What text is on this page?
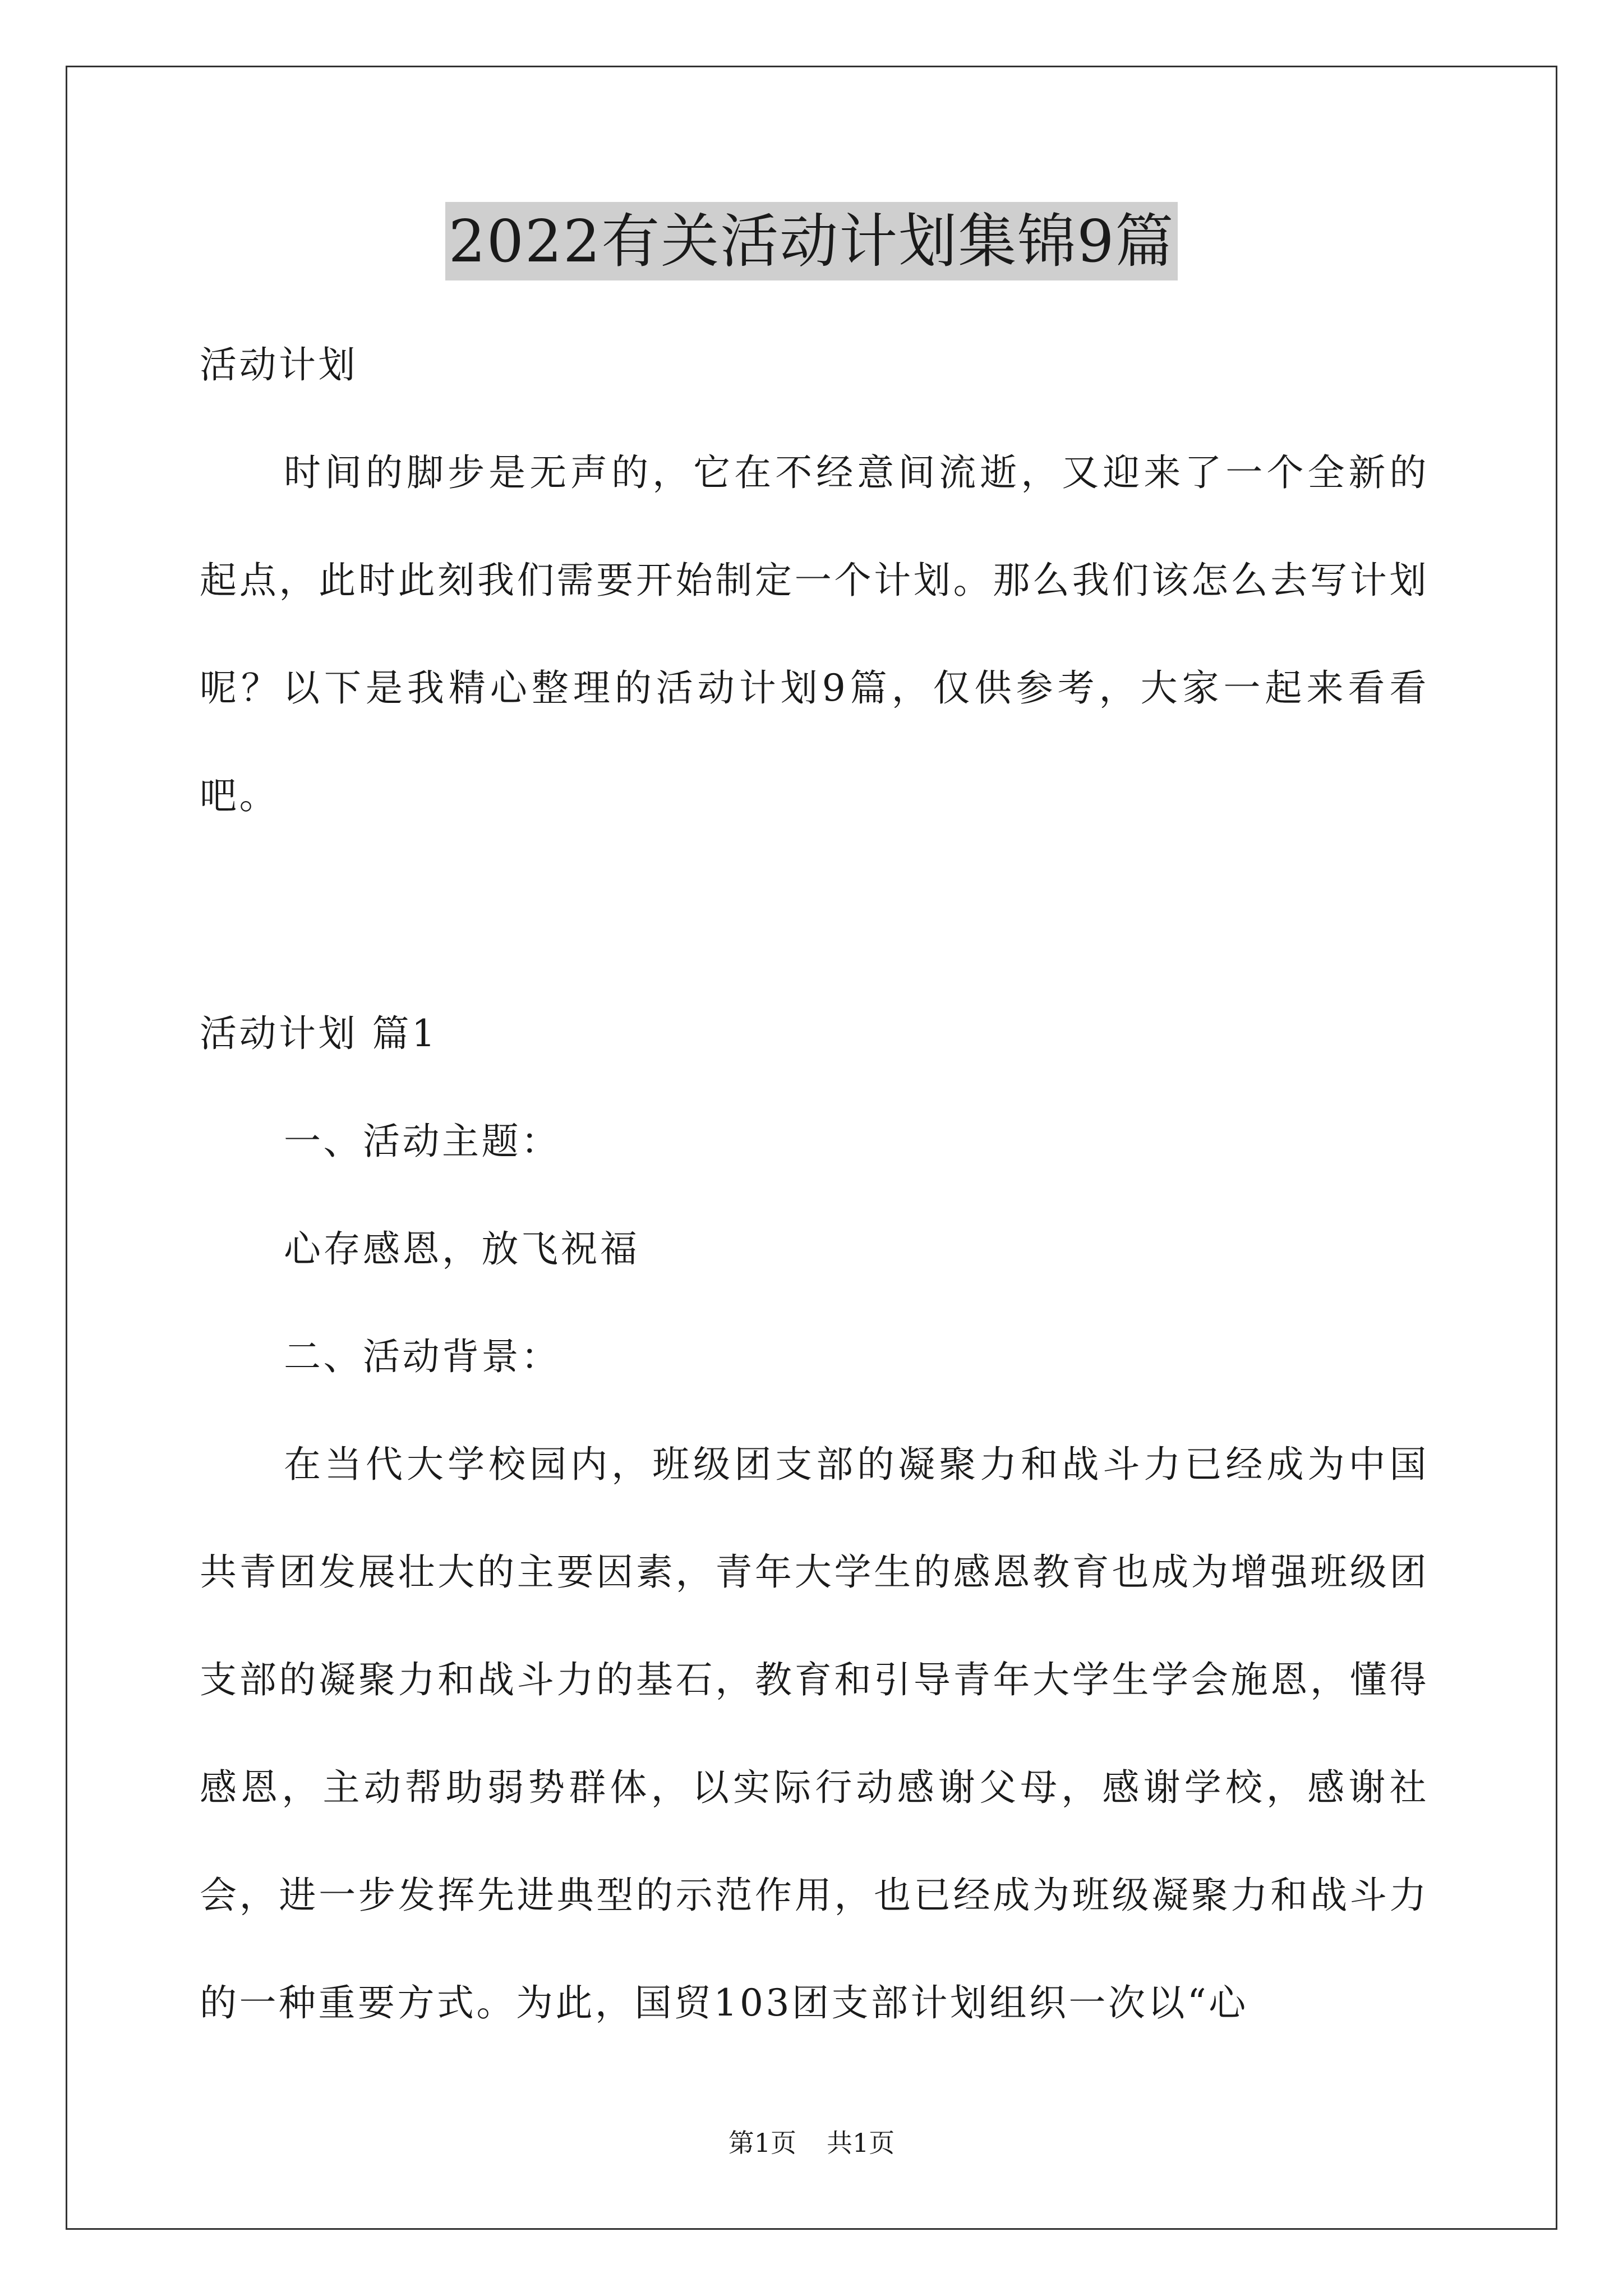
2022有关活动计划集锦9篇

活动计划

时间的脚步是无声的，它在不经意间流逝，又迎来了一个全新的起点，此时此刻我们需要开始制定一个计划。那么我们该怎么去写计划呢？以下是我精心整理的活动计划9篇，仅供参考，大家一起来看看吧。

活动计划 篇1

一、活动主题：

心存感恩，放飞祝福

二、活动背景：

在当代大学校园内，班级团支部的凝聚力和战斗力已经成为中国共青团发展壮大的主要因素，青年大学生的感恩教育也成为增强班级团支部的凝聚力和战斗力的基石，教育和引导青年大学生学会施恩，懂得感恩，主动帮助弱势群体，以实际行动感谢父母，感谢学校，感谢社会，进一步发挥先进典型的示范作用，也已经成为班级凝聚力和战斗力的一种重要方式。为此，国贸103团支部计划组织一次以“心

第1页 共1页
